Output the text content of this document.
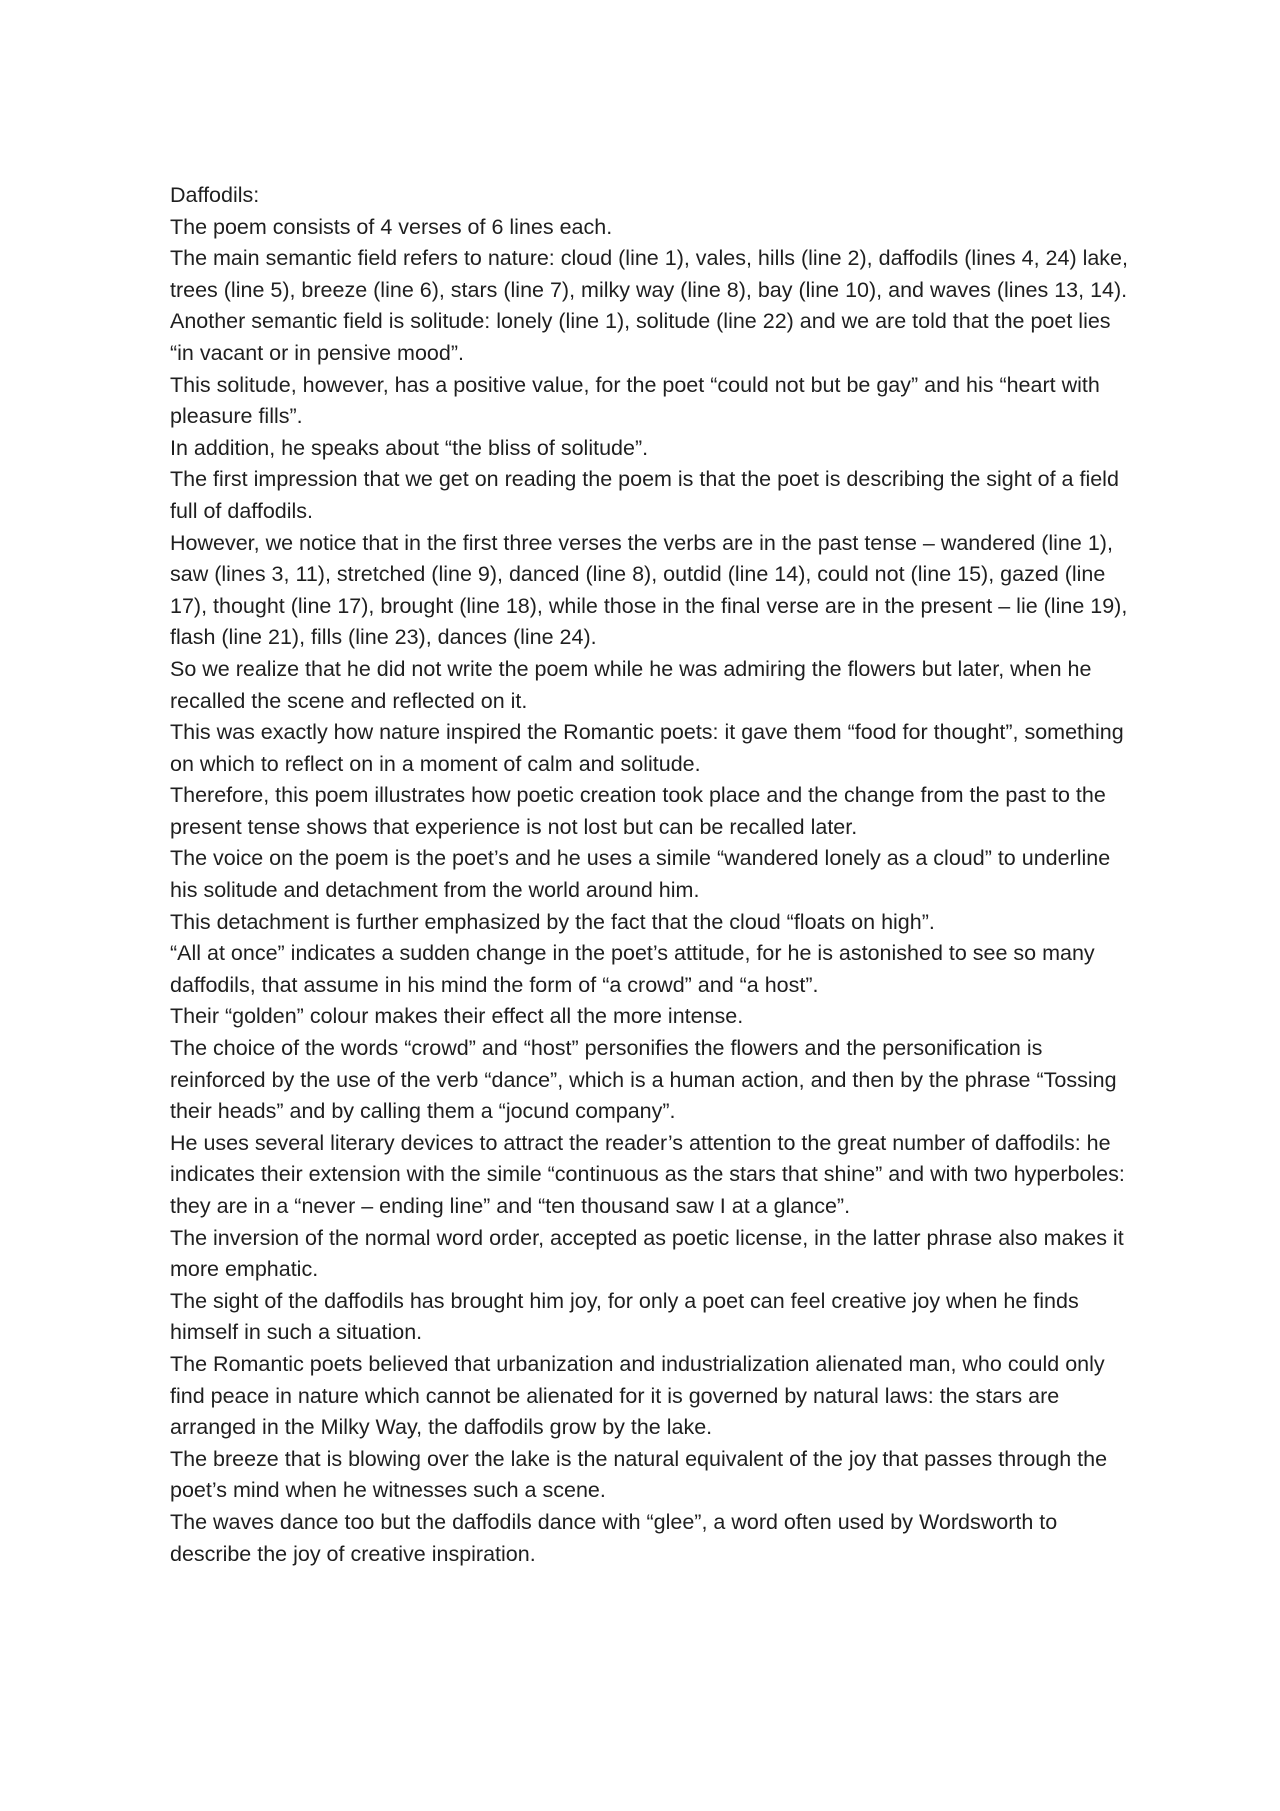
Daffodils:

The poem consists of 4 verses of 6 lines each.

The main semantic field refers to nature: cloud (line 1), vales, hills (line 2), daffodils (lines 4, 24) lake, trees (line 5), breeze (line 6), stars (line 7), milky way (line 8), bay (line 10), and waves (lines 13, 14).

Another semantic field is solitude: lonely (line 1), solitude (line 22) and we are told that the poet lies “in vacant or in pensive mood”.

This solitude, however, has a positive value, for the poet “could not but be gay” and his “heart with pleasure fills”.

In addition, he speaks about “the bliss of solitude”.

The first impression that we get on reading the poem is that the poet is describing the sight of a field full of daffodils.

However, we notice that in the first three verses the verbs are in the past tense – wandered (line 1), saw (lines 3, 11), stretched (line 9), danced (line 8), outdid (line 14), could not (line 15), gazed (line 17), thought (line 17), brought (line 18), while those in the final verse are in the present – lie (line 19), flash (line 21), fills (line 23), dances (line 24).

So we realize that he did not write the poem while he was admiring the flowers but later, when he recalled the scene and reflected on it.

This was exactly how nature inspired the Romantic poets: it gave them “food for thought”, something on which to reflect on in a moment of calm and solitude.

Therefore, this poem illustrates how poetic creation took place and the change from the past to the present tense shows that experience is not lost but can be recalled later.

The voice on the poem is the poet’s and he uses a simile “wandered lonely as a cloud” to underline his solitude and detachment from the world around him.

This detachment is further emphasized by the fact that the cloud “floats on high”.

“All at once” indicates a sudden change in the poet’s attitude, for he is astonished to see so many daffodils, that assume in his mind the form of “a crowd” and “a host”.

Their “golden” colour makes their effect all the more intense.

The choice of the words “crowd” and “host” personifies the flowers and the personification is reinforced by the use of the verb “dance”, which is a human action, and then by the phrase “Tossing their heads” and by calling them a “jocund company”.

He uses several literary devices to attract the reader’s attention to the great number of daffodils: he indicates their extension with the simile “continuous as the stars that shine” and with two hyperboles: they are in a “never – ending line” and “ten thousand saw I at a glance”.

The inversion of the normal word order, accepted as poetic license, in the latter phrase also makes it more emphatic.

The sight of the daffodils has brought him joy, for only a poet can feel creative joy when he finds himself in such a situation.

The Romantic poets believed that urbanization and industrialization alienated man, who could only find peace in nature which cannot be alienated for it is governed by natural laws: the stars are arranged in the Milky Way, the daffodils grow by the lake.

The breeze that is blowing over the lake is the natural equivalent of the joy that passes through the poet’s mind when he witnesses such a scene.

The waves dance too but the daffodils dance with “glee”, a word often used by Wordsworth to describe the joy of creative inspiration.
